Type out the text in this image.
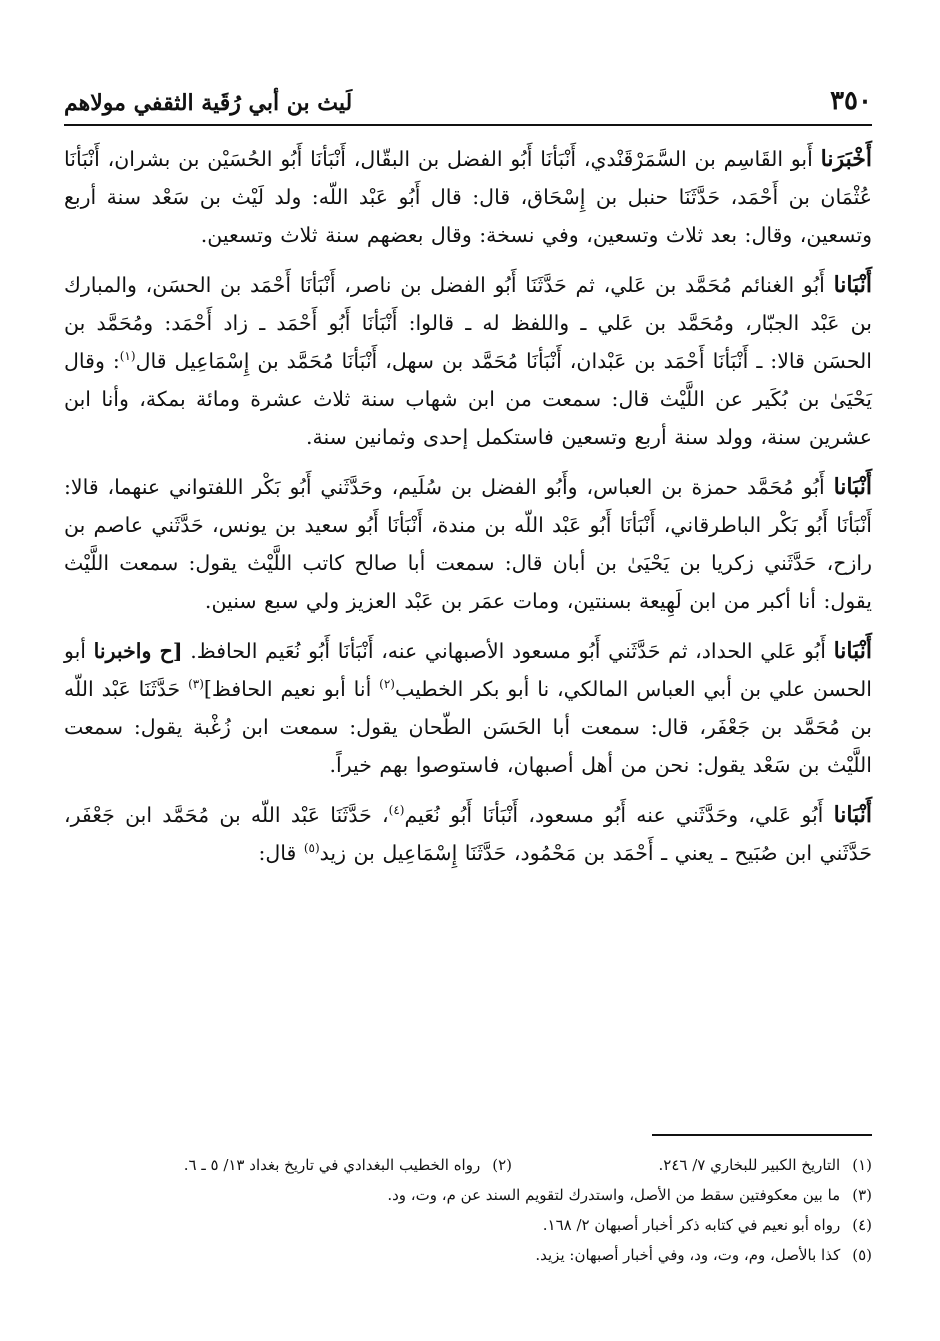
٣٥٠
لَيث بن أبي رُقَية الثقفي مولاهم

أَخْبَرَنا أَبو القَاسِم بن السَّمَرْقَنْدي، أَنْبَأنَا أَبُو الفضل بن البقّال، أَنْبَأنَا أَبُو الحُسَيْن بن بشران، أَنْبَأنَا عُثْمَان بن أَحْمَد، حَدَّثَنَا حنبل بن إِسْحَاق، قال: قال أَبُو عَبْد اللّه: ولد لَيْث بن سَعْد سنة أربع وتسعين، وقال: بعد ثلاث وتسعين، وفي نسخة: وقال بعضهم سنة ثلاث وتسعين.

أَنْبَانا أَبُو الغنائم مُحَمَّد بن عَلي، ثم حَدَّثَنَا أَبُو الفضل بن ناصر، أَنْبَأنَا أَحْمَد بن الحسَن، والمبارك بن عَبْد الجبّار، ومُحَمَّد بن عَلي ـ واللفظ له ـ قالوا: أَنْبَأنَا أَبُو أَحْمَد ـ زاد أَحْمَد: ومُحَمَّد بن الحسَن قالا: ـ أَنْبَأنَا أَحْمَد بن عَبْدان، أَنْبَأنَا مُحَمَّد بن سهل، أَنْبَأنَا مُحَمَّد بن إِسْمَاعِيل قال$^{(١)}$: وقال يَحْيَىٰ بن بُكَير عن اللَّيْث قال: سمعت من ابن شهاب سنة ثلاث عشرة ومائة بمكة، وأنا ابن عشرين سنة، وولد سنة أربع وتسعين فاستكمل إحدى وثمانين سنة.

أَنْبَانا أَبُو مُحَمَّد حمزة بن العباس، وأَبُو الفضل بن سُلَيم، وحَدَّثَني أَبُو بَكْر اللفتواني عنهما، قالا: أَنْبَأنَا أَبُو بَكْر الباطرقاني، أَنْبَأنَا أَبُو عَبْد اللّه بن مندة، أَنْبَأنَا أَبُو سعيد بن يونس، حَدَّثَني عاصم بن رازح، حَدَّثَني زكريا بن يَحْيَىٰ بن أبان قال: سمعت أبا صالح كاتب اللَّيْث يقول: سمعت اللَّيْث يقول: أنا أكبر من ابن لَهِيعة بسنتين، ومات عمَر بن عَبْد العزيز ولي سبع سنين.

أَنْبَانا أَبُو عَلي الحداد، ثم حَدَّثَني أَبُو مسعود الأصبهاني عنه، أَنْبَأنَا أَبُو نُعَيم الحافظ. [ح واخبرنا أبو الحسن علي بن أبي العباس المالكي، نا أبو بكر الخطيب$^{(٢)}$ أنا أبو نعيم الحافظ]$^{(٣)}$ حَدَّثَنَا عَبْد اللّه بن مُحَمَّد بن جَعْفَر، قال: سمعت أبا الحَسَن الطّحان يقول: سمعت ابن زُغْبة يقول: سمعت اللَّيْث بن سَعْد يقول: نحن من أهل أصبهان، فاستوصوا بهم خيراً.

أَنْبَانا أَبُو عَلي، وحَدَّثَني عنه أَبُو مسعود، أَنْبَأنَا أَبُو نُعَيم$^{(٤)}$، حَدَّثَنَا عَبْد اللّه بن مُحَمَّد ابن جَعْفَر، حَدَّثَني ابن صُبَيح ـ يعني ـ أَحْمَد بن مَحْمُود، حَدَّثَنَا إِسْمَاعِيل بن زيد$^{(٥)}$ قال:

(١)التاريخ الكبير للبخاري ٧/ ٢٤٦.
(٢)رواه الخطيب البغدادي في تاريخ بغداد ١٣/ ٥ ـ ٦.
(٣)ما بين معكوفتين سقط من الأصل، واستدرك لتقويم السند عن م، وت، ود.
(٤)رواه أبو نعيم في كتابه ذكر أخبار أصبهان ٢/ ١٦٨.
(٥)كذا بالأصل، وم، وت، ود، وفي أخبار أصبهان: يزيد.
